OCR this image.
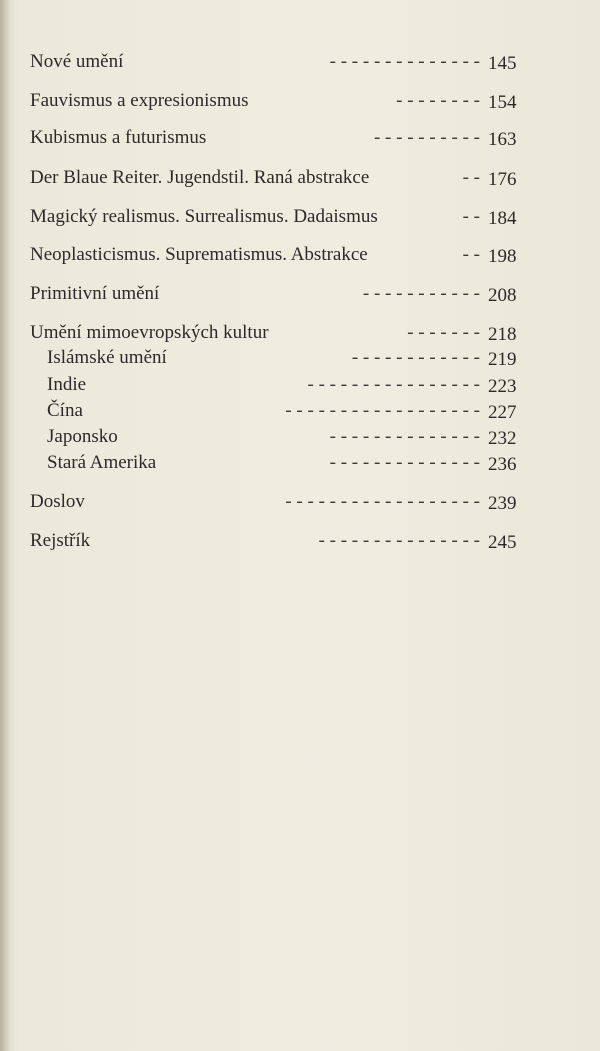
Nové umění	- - - - - - - - - - - - - - 145
Fauvismus a expresionismus	- - - - - - - - 154
Kubismus a futurismus	- - - - - - - - - - 163
Der Blaue Reiter. Jugendstil. Raná abstrakce	- - 176
Magický realismus. Surrealismus. Dadaismus	- - 184
Neoplasticismus. Suprematismus. Abstrakce	- - 198
Primitivní umění	- - - - - - - - - - - 208
Umění mimoevropských kultur	- - - - - - - 218
Islámské umění	- - - - - - - - - - - - 219
Indie	- - - - - - - - - - - - - - - - 223
Čína	- - - - - - - - - - - - - - - - - - 227
Japonsko	- - - - - - - - - - - - - - 232
Stará Amerika	- - - - - - - - - - - - - - 236
Doslov	- - - - - - - - - - - - - - - - - - 239
Rejstřík	- - - - - - - - - - - - - - - 245
